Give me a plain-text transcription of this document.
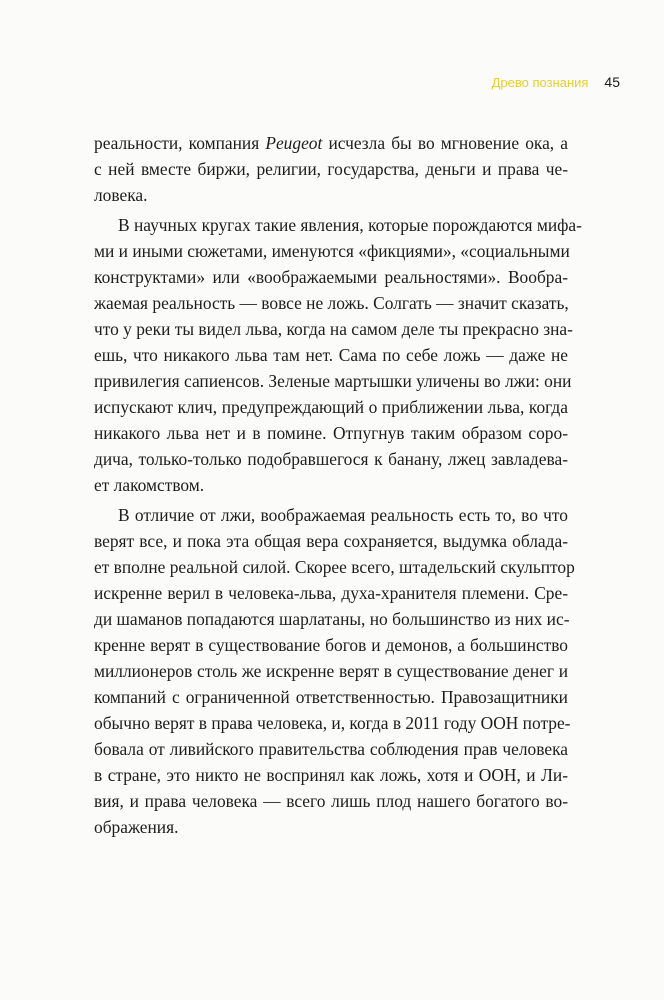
Древо познания 45
реальности, компания Peugeot исчезла бы во мгновение ока, а
с ней вместе биржи, религии, государства, деньги и права че-
ловека.
В научных кругах такие явления, которые порождаются мифа-
ми и иными сюжетами, именуются «фикциями», «социальными
конструктами» или «воображаемыми реальностями». Вообра-
жаемая реальность — вовсе не ложь. Солгать — значит сказать,
что у реки ты видел льва, когда на самом деле ты прекрасно зна-
ешь, что никакого льва там нет. Сама по себе ложь — даже не
привилегия сапиенсов. Зеленые мартышки уличены во лжи: они
испускают клич, предупреждающий о приближении льва, когда
никакого льва нет и в помине. Отпугнув таким образом соро-
дича, только-только подобравшегося к банану, лжец завладева-
ет лакомством.
В отличие от лжи, воображаемая реальность есть то, во что
верят все, и пока эта общая вера сохраняется, выдумка облада-
ет вполне реальной силой. Скорее всего, штадельский скульптор
искренне верил в человека-льва, духа-хранителя племени. Сре-
ди шаманов попадаются шарлатаны, но большинство из них ис-
кренне верят в существование богов и демонов, а большинство
миллионеров столь же искренне верят в существование денег и
компаний с ограниченной ответственностью. Правозащитники
обычно верят в права человека, и, когда в 2011 году ООН потре-
бовала от ливийского правительства соблюдения прав человека
в стране, это никто не воспринял как ложь, хотя и ООН, и Ли-
вия, и права человека — всего лишь плод нашего богатого во-
ображения.
